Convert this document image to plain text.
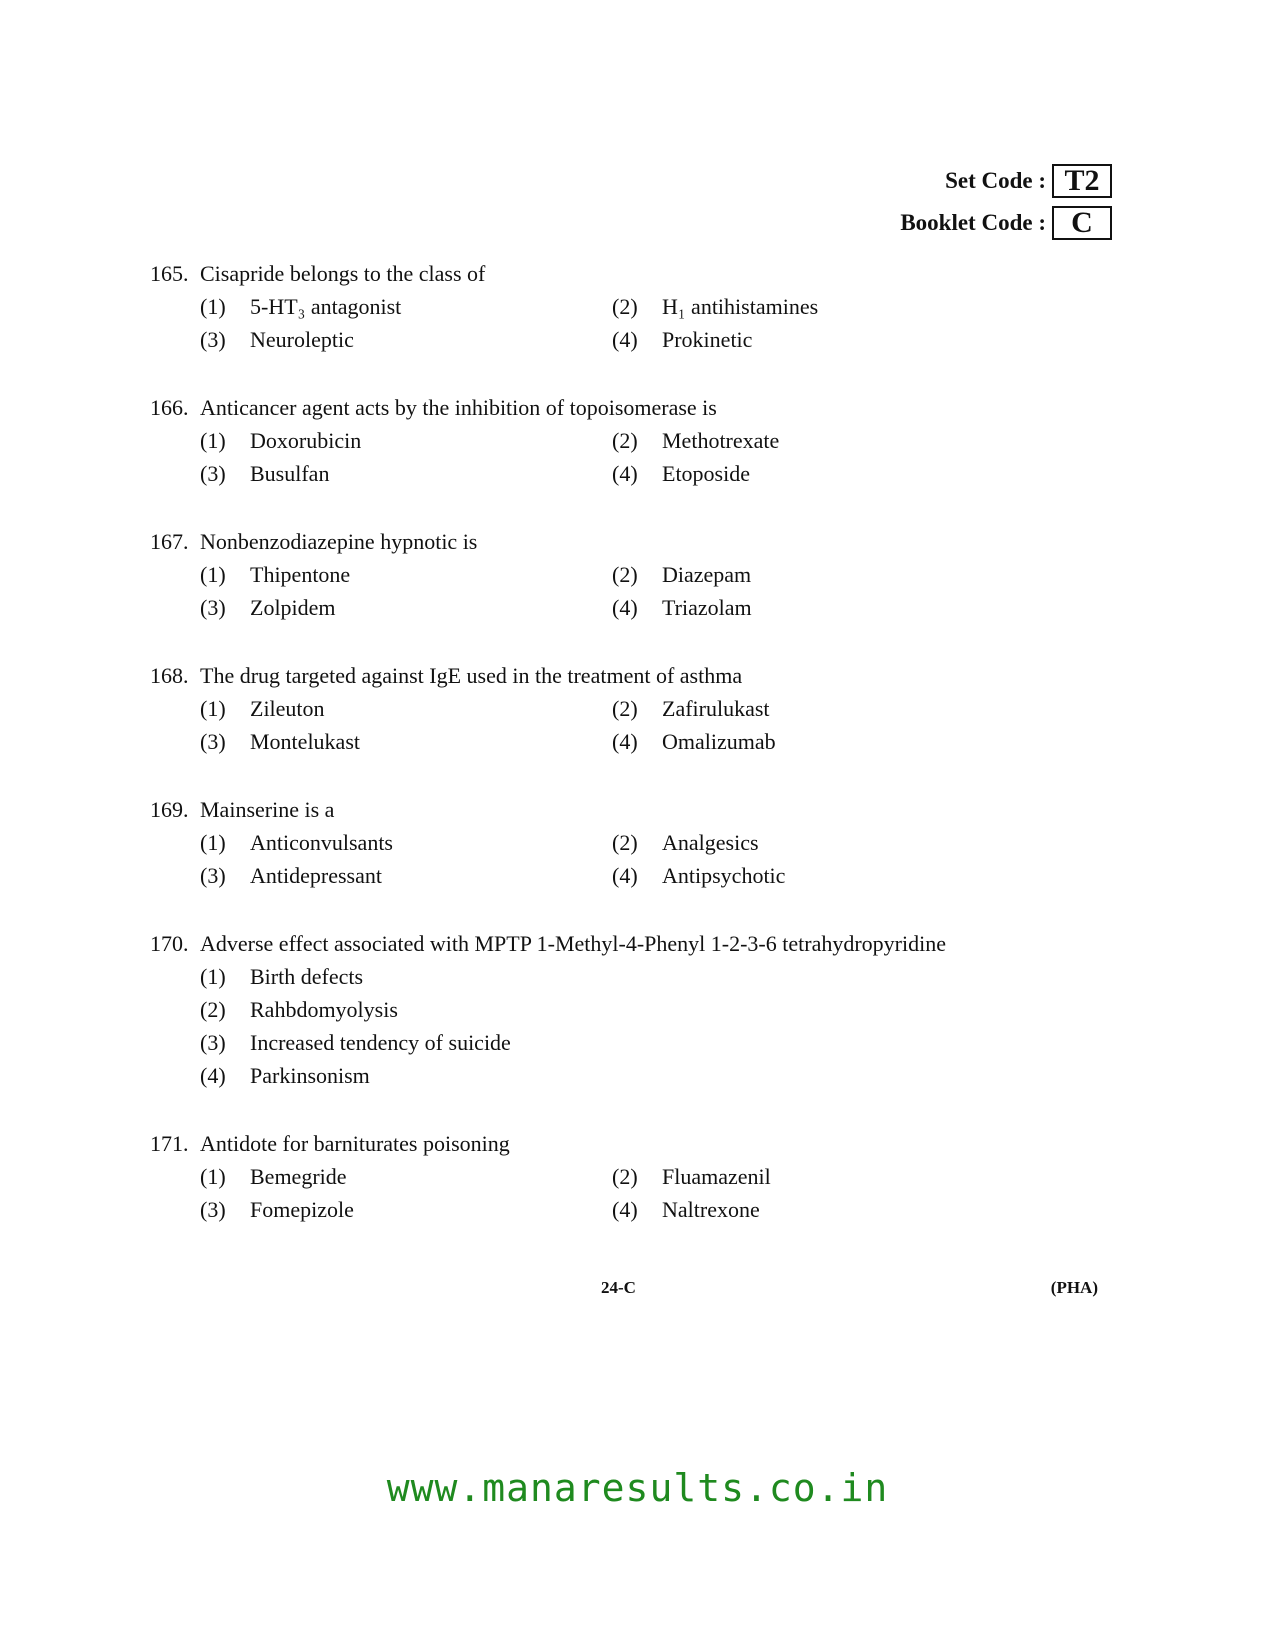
Set Code : T2
Booklet Code : C
165. Cisapride belongs to the class of
(1) 5-HT₃ antagonist	(2) H₁ antihistamines
(3) Neuroleptic	(4) Prokinetic
166. Anticancer agent acts by the inhibition of topoisomerase is
(1) Doxorubicin	(2) Methotrexate
(3) Busulfan	(4) Etoposide
167. Nonbenzodiazepine hypnotic is
(1) Thipentone	(2) Diazepam
(3) Zolpidem	(4) Triazolam
168. The drug targeted against IgE used in the treatment of asthma
(1) Zileuton	(2) Zafirulukast
(3) Montelukast	(4) Omalizumab
169. Mainserine is a
(1) Anticonvulsants	(2) Analgesics
(3) Antidepressant	(4) Antipsychotic
170. Adverse effect associated with MPTP 1-Methyl-4-Phenyl 1-2-3-6 tetrahydropyridine
(1) Birth defects
(2) Rahbdomyolysis
(3) Increased tendency of suicide
(4) Parkinsonism
171. Antidote for barniturates poisoning
(1) Bemegride	(2) Fluamazenil
(3) Fomepizole	(4) Naltrexone
24-C	(PHA)
www.manaresults.co.in
